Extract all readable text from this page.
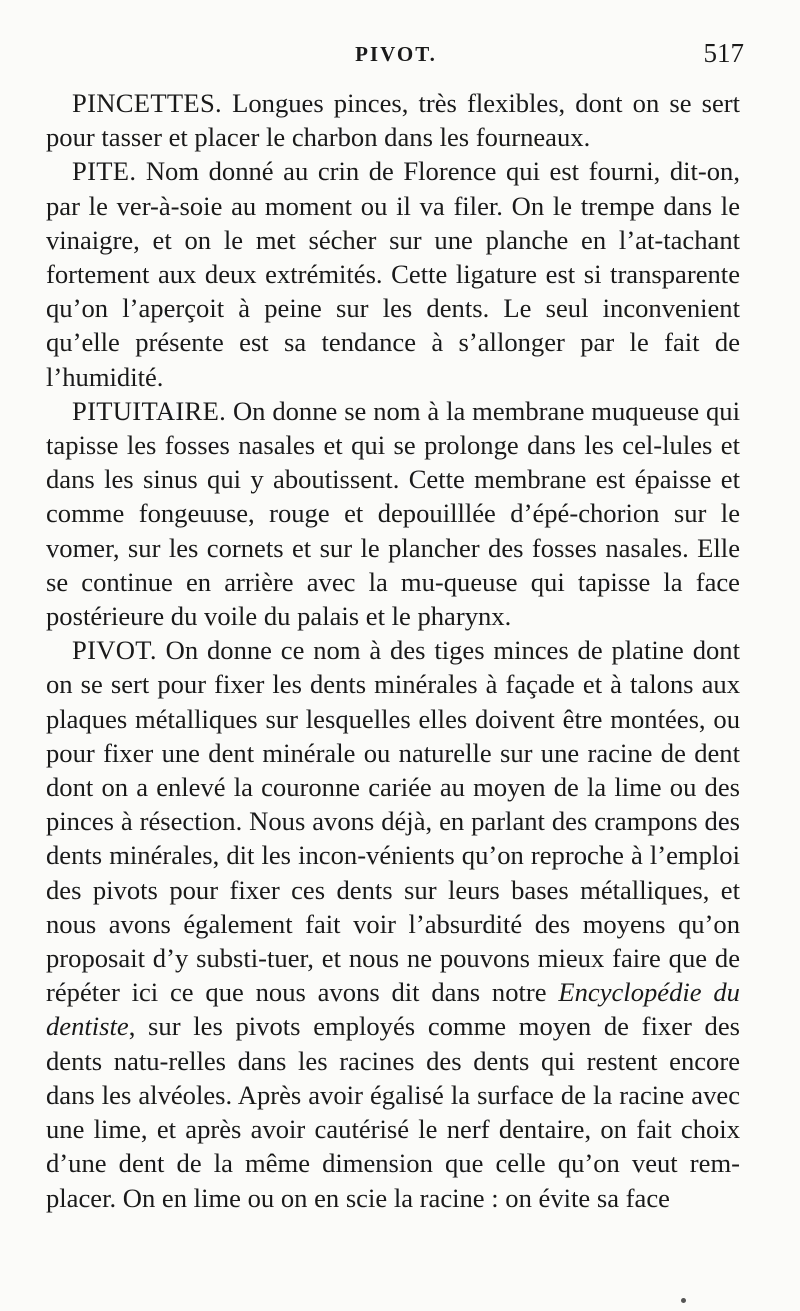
PIVOT.	517

PINCETTES. Longues pinces, très flexibles, dont on se sert pour tasser et placer le charbon dans les fourneaux.

PITE. Nom donné au crin de Florence qui est fourni, dit-on, par le ver-à-soie au moment ou il va filer. On le trempe dans le vinaigre, et on le met sécher sur une planche en l’at-tachant fortement aux deux extrémités. Cette ligature est si transparente qu’on l’aperçoit à peine sur les dents. Le seul inconvenient qu’elle présente est sa tendance à s’allonger par le fait de l’humidité.

PITUITAIRE. On donne se nom à la membrane muqueuse qui tapisse les fosses nasales et qui se prolonge dans les cel-lules et dans les sinus qui y aboutissent. Cette membrane est épaisse et comme fongeuuse, rouge et depouilllée d’épé-chorion sur le vomer, sur les cornets et sur le plancher des fosses nasales. Elle se continue en arrière avec la mu-queuse qui tapisse la face postérieure du voile du palais et le pharynx.

PIVOT. On donne ce nom à des tiges minces de platine dont on se sert pour fixer les dents minérales à façade et à talons aux plaques métalliques sur lesquelles elles doivent être montées, ou pour fixer une dent minérale ou naturelle sur une racine de dent dont on a enlevé la couronne cariée au moyen de la lime ou des pinces à résection. Nous avons déjà, en parlant des crampons des dents minérales, dit les incon-vénients qu’on reproche à l’emploi des pivots pour fixer ces dents sur leurs bases métalliques, et nous avons également fait voir l’absurdité des moyens qu’on proposait d’y substi-tuer, et nous ne pouvons mieux faire que de répéter ici ce que nous avons dit dans notre Encyclopédie du dentiste, sur les pivots employés comme moyen de fixer des dents natu-relles dans les racines des dents qui restent encore dans les alvéoles. Après avoir égalisé la surface de la racine avec une lime, et après avoir cautérisé le nerf dentaire, on fait choix d’une dent de la même dimension que celle qu’on veut rem-placer. On en lime ou on en scie la racine : on évite sa face
